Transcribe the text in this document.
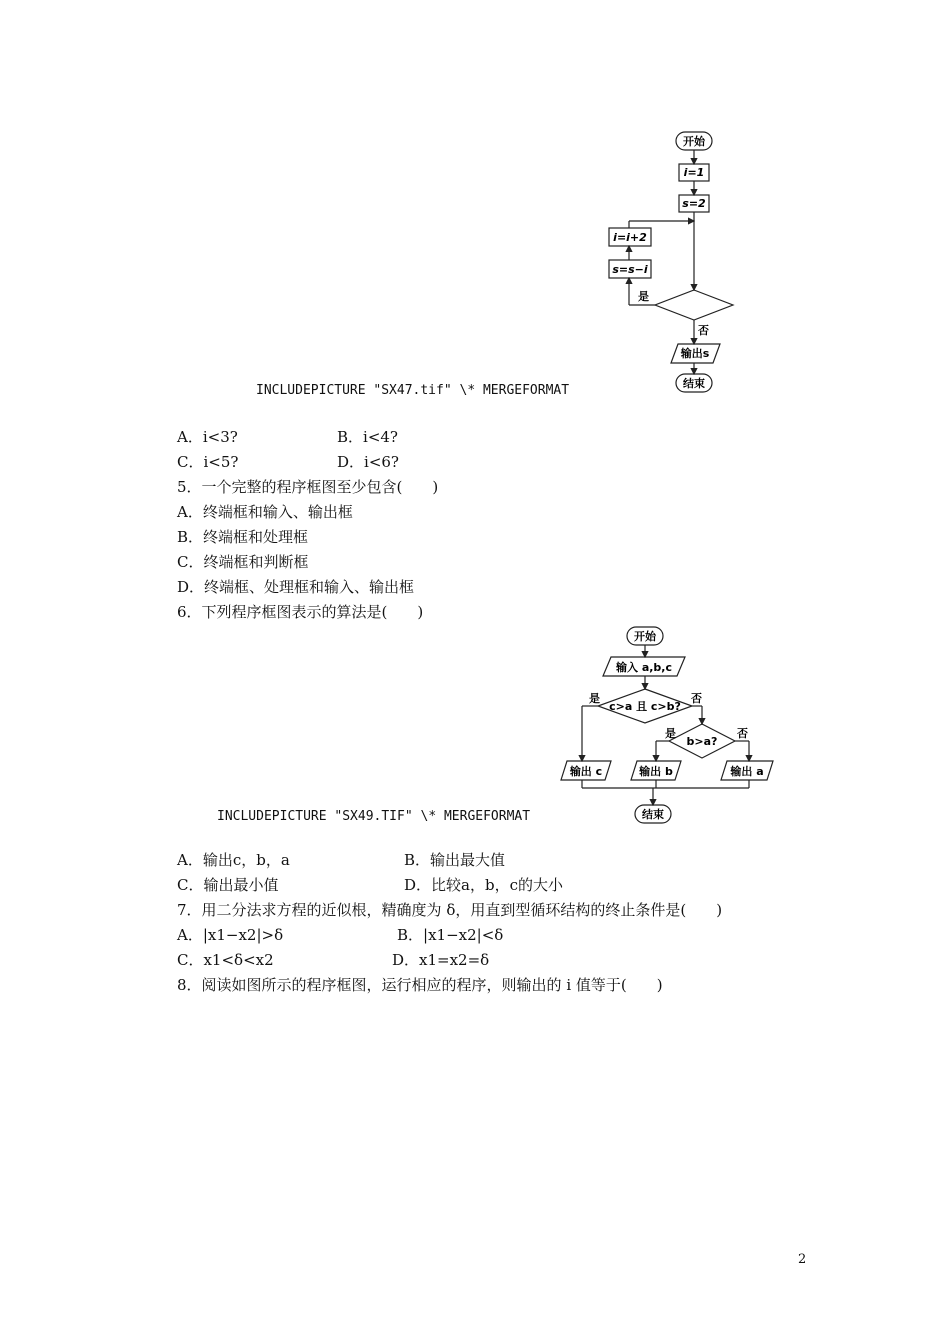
开始
i=1
s=2
i=i+2
s=s−i
是
否
输出s
结束
INCLUDEPICTURE "SX47.tif" \* MERGEFORMAT
A．i<3?	B．i<4?
C．i<5?	D．i<6?
5．一个完整的程序框图至少包含(　　)
A．终端框和输入、输出框
B．终端框和处理框
C．终端框和判断框
D．终端框、处理框和输入、输出框
6．下列程序框图表示的算法是(　　)
开始
输入 a,b,c
c>a 且 c>b?
b>a?
是	否
是	否
输出 c	输出 b	输出 a
结束
INCLUDEPICTURE "SX49.TIF" \* MERGEFORMAT
A．输出c，b，a	B．输出最大值
C．输出最小值	D．比较a，b，c的大小
7．用二分法求方程的近似根，精确度为 δ，用直到型循环结构的终止条件是(　　)
A．|x1−x2|>δ	B．|x1−x2|<δ
C．x1<δ<x2	D．x1=x2=δ
8．阅读如图所示的程序框图，运行相应的程序，则输出的 i 值等于(　　)
2
